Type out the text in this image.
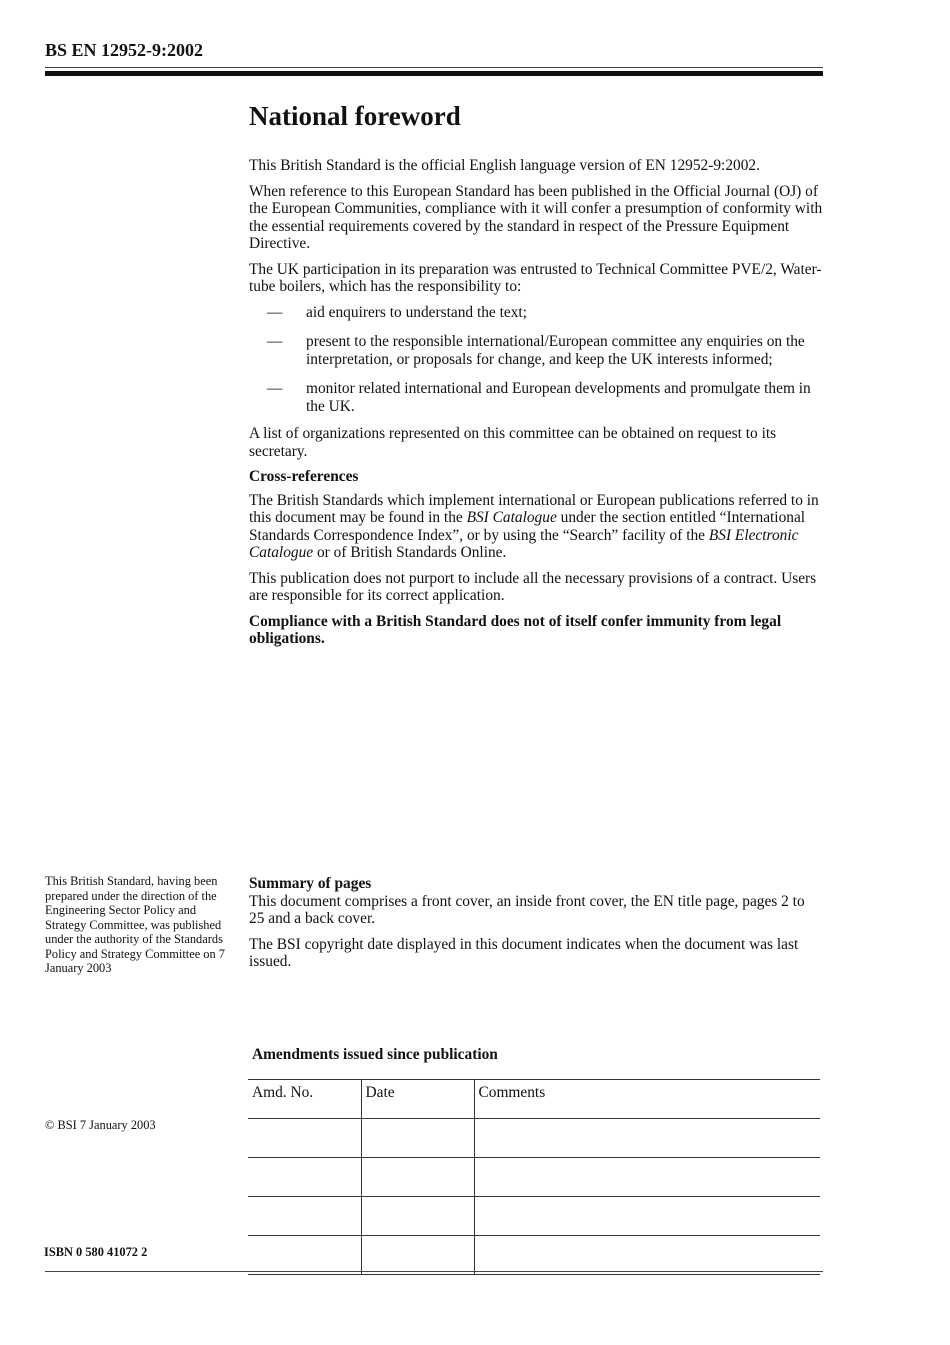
BS EN 12952-9:2002
National foreword

This British Standard is the official English language version of EN 12952-9:2002.

When reference to this European Standard has been published in the Official Journal (OJ) of the European Communities, compliance with it will confer a presumption of conformity with the essential requirements covered by the standard in respect of the Pressure Equipment Directive.

The UK participation in its preparation was entrusted to Technical Committee PVE/2, Water-tube boilers, which has the responsibility to:

— aid enquirers to understand the text;
— present to the responsible international/European committee any enquiries on the interpretation, or proposals for change, and keep the UK interests informed;
— monitor related international and European developments and promulgate them in the UK.

A list of organizations represented on this committee can be obtained on request to its secretary.

Cross-references

The British Standards which implement international or European publications referred to in this document may be found in the BSI Catalogue under the section entitled “International Standards Correspondence Index”, or by using the “Search” facility of the BSI Electronic Catalogue or of British Standards Online.

This publication does not purport to include all the necessary provisions of a contract. Users are responsible for its correct application.

Compliance with a British Standard does not of itself confer immunity from legal obligations.

This British Standard, having been prepared under the direction of the Engineering Sector Policy and Strategy Committee, was published under the authority of the Standards Policy and Strategy Committee on 7 January 2003

Summary of pages

This document comprises a front cover, an inside front cover, the EN title page, pages 2 to 25 and a back cover.

The BSI copyright date displayed in this document indicates when the document was last issued.

Amendments issued since publication
Amd. No.	Date	Comments

© BSI 7 January 2003
ISBN 0 580 41072 2
